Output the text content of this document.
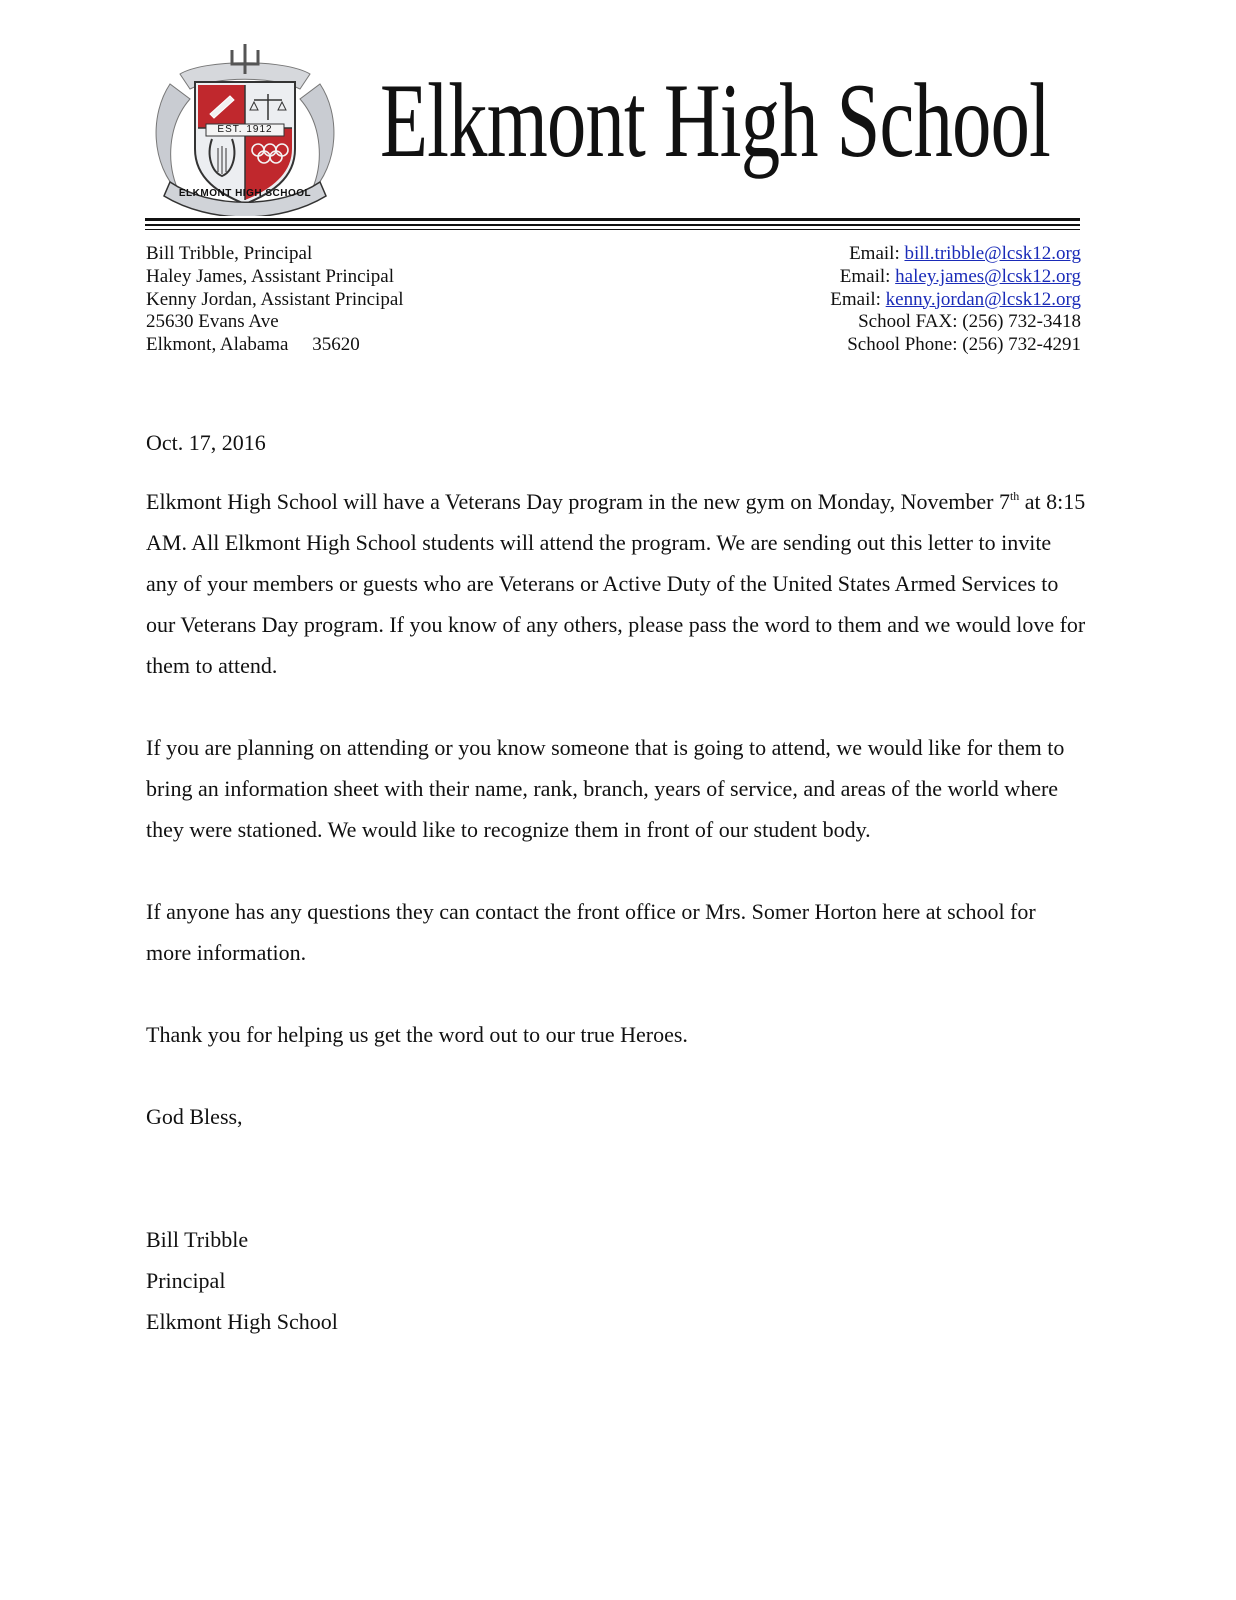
EST. 1912
ELKMONT HIGH SCHOOL
Elkmont High School
Bill Tribble, Principal
Haley James, Assistant Principal
Kenny Jordan, Assistant Principal
25630 Evans Ave
Elkmont, Alabama     35620
Email: bill.tribble@lcsk12.org
Email: haley.james@lcsk12.org
Email: kenny.jordan@lcsk12.org
School FAX: (256) 732-3418
School Phone: (256) 732-4291

Oct. 17, 2016

Elkmont High School will have a Veterans Day program in the new gym on Monday, November 7th at 8:15 AM. All Elkmont High School students will attend the program. We are sending out this letter to invite any of your members or guests who are Veterans or Active Duty of the United States Armed Services to our Veterans Day program. If you know of any others, please pass the word to them and we would love for them to attend.

If you are planning on attending or you know someone that is going to attend, we would like for them to bring an information sheet with their name, rank, branch, years of service, and areas of the world where they were stationed. We would like to recognize them in front of our student body.

If anyone has any questions they can contact the front office or Mrs. Somer Horton here at school for more information.

Thank you for helping us get the word out to our true Heroes.

God Bless,

Bill Tribble
Principal
Elkmont High School
